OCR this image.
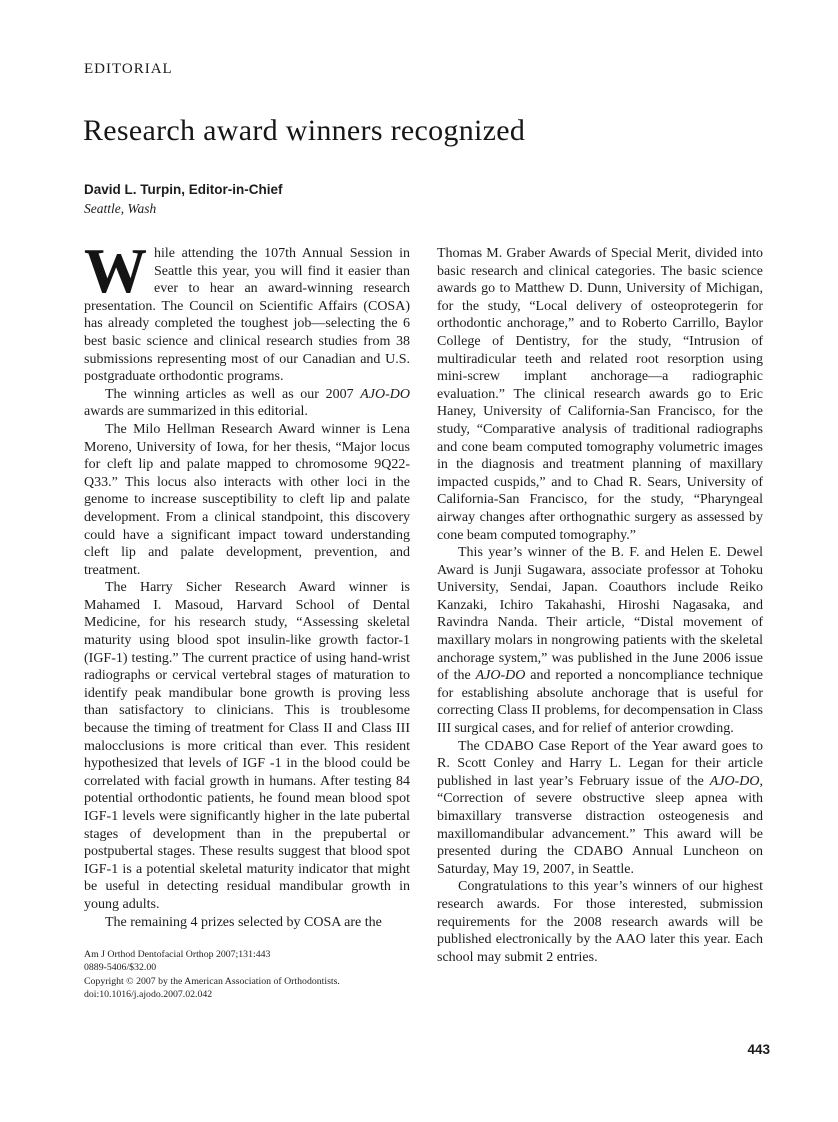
EDITORIAL
Research award winners recognized
David L. Turpin, Editor-in-Chief
Seattle, Wash

While attending the 107th Annual Session in Seattle this year, you will find it easier than ever to hear an award-winning research presentation. The Council on Scientific Affairs (COSA) has already completed the toughest job—selecting the 6 best basic science and clinical research studies from 38 submissions representing most of our Canadian and U.S. postgraduate orthodontic programs.

The winning articles as well as our 2007 AJO-DO awards are summarized in this editorial.

The Milo Hellman Research Award winner is Lena Moreno, University of Iowa, for her thesis, “Major locus for cleft lip and palate mapped to chromosome 9Q22-Q33.” This locus also interacts with other loci in the genome to increase susceptibility to cleft lip and palate development. From a clinical standpoint, this discovery could have a significant impact toward understanding cleft lip and palate development, prevention, and treatment.

The Harry Sicher Research Award winner is Mahamed I. Masoud, Harvard School of Dental Medicine, for his research study, “Assessing skeletal maturity using blood spot insulin-like growth factor-1 (IGF-1) testing.” The current practice of using hand-wrist radiographs or cervical vertebral stages of maturation to identify peak mandibular bone growth is proving less than satisfactory to clinicians. This is troublesome because the timing of treatment for Class II and Class III malocclusions is more critical than ever. This resident hypothesized that levels of IGF -1 in the blood could be correlated with facial growth in humans. After testing 84 potential orthodontic patients, he found mean blood spot IGF-1 levels were significantly higher in the late pubertal stages of development than in the prepubertal or postpubertal stages. These results suggest that blood spot IGF-1 is a potential skeletal maturity indicator that might be useful in detecting residual mandibular growth in young adults.

The remaining 4 prizes selected by COSA are the

Am J Orthod Dentofacial Orthop 2007;131:443
0889-5406/$32.00
Copyright © 2007 by the American Association of Orthodontists.
doi:10.1016/j.ajodo.2007.02.042

Thomas M. Graber Awards of Special Merit, divided into basic research and clinical categories. The basic science awards go to Matthew D. Dunn, University of Michigan, for the study, “Local delivery of osteoprotegerin for orthodontic anchorage,” and to Roberto Carrillo, Baylor College of Dentistry, for the study, “Intrusion of multiradicular teeth and related root resorption using mini-screw implant anchorage—a radiographic evaluation.” The clinical research awards go to Eric Haney, University of California-San Francisco, for the study, “Comparative analysis of traditional radiographs and cone beam computed tomography volumetric images in the diagnosis and treatment planning of maxillary impacted cuspids,” and to Chad R. Sears, University of California-San Francisco, for the study, “Pharyngeal airway changes after orthognathic surgery as assessed by cone beam computed tomography.”

This year’s winner of the B. F. and Helen E. Dewel Award is Junji Sugawara, associate professor at Tohoku University, Sendai, Japan. Coauthors include Reiko Kanzaki, Ichiro Takahashi, Hiroshi Nagasaka, and Ravindra Nanda. Their article, “Distal movement of maxillary molars in nongrowing patients with the skeletal anchorage system,” was published in the June 2006 issue of the AJO-DO and reported a noncompliance technique for establishing absolute anchorage that is useful for correcting Class II problems, for decompensation in Class III surgical cases, and for relief of anterior crowding.

The CDABO Case Report of the Year award goes to R. Scott Conley and Harry L. Legan for their article published in last year’s February issue of the AJO-DO, “Correction of severe obstructive sleep apnea with bimaxillary transverse distraction osteogenesis and maxillomandibular advancement.” This award will be presented during the CDABO Annual Luncheon on Saturday, May 19, 2007, in Seattle.

Congratulations to this year’s winners of our highest research awards. For those interested, submission requirements for the 2008 research awards will be published electronically by the AAO later this year. Each school may submit 2 entries.

443
